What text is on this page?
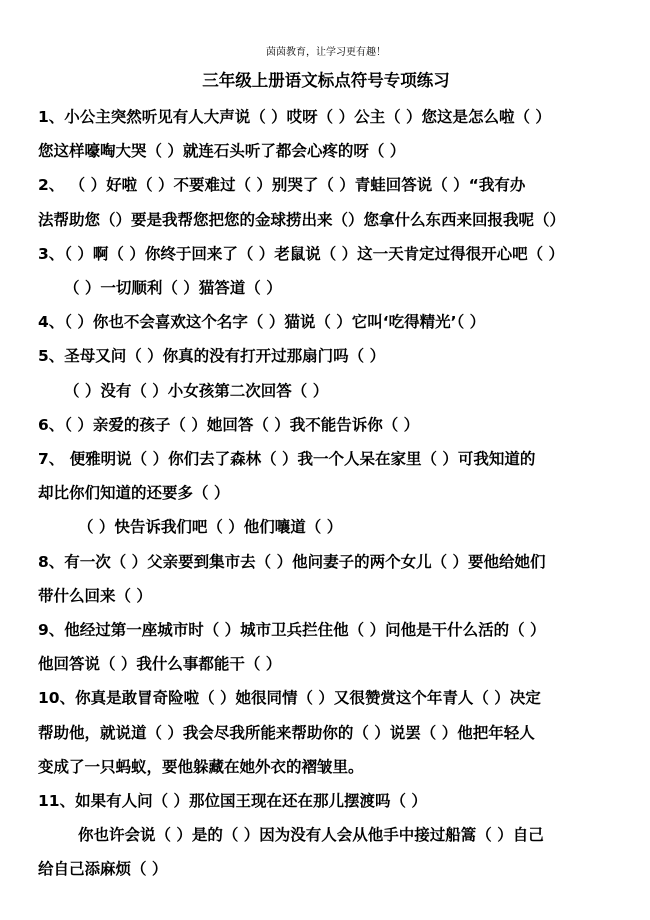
茵茵教育，让学习更有趣！
三年级上册语文标点符号专项练习
1、小公主突然听见有人大声说（ ）哎呀（ ）公主（ ）您这是怎么啦（ ）
您这样嚎啕大哭（ ）就连石头听了都会心疼的呀（ ）
2、 （ ）好啦（ ）不要难过（ ）别哭了（ ）青蛙回答说（ ）“我有办
法帮助您（）要是我帮您把您的金球捞出来（）您拿什么东西来回报我呢（）
3、（ ）啊（ ）你终于回来了（ ）老鼠说（ ）这一天肯定过得很开心吧（ ）
（ ）一切顺利（ ）猫答道（ ）
4、（ ）你也不会喜欢这个名字（ ）猫说（ ）它叫‘吃得精光’（ ）
5、圣母又问（ ）你真的没有打开过那扇门吗（ ）
（ ）没有（ ）小女孩第二次回答（ ）
6、（ ）亲爱的孩子（ ）她回答（ ）我不能告诉你（ ）
7、 便雅明说（ ）你们去了森林（ ）我一个人呆在家里（ ）可我知道的
却比你们知道的还要多（ ）
（ ）快告诉我们吧（ ）他们嚷道（ ）
8、有一次（ ）父亲要到集市去（ ）他问妻子的两个女儿（ ）要他给她们
带什么回来（ ）
9、他经过第一座城市时（ ）城市卫兵拦住他（ ）问他是干什么活的（ ）
他回答说（ ）我什么事都能干（ ）
10、你真是敢冒奇险啦（ ）她很同情（ ）又很赞赏这个年青人（ ）决定
帮助他，就说道（ ）我会尽我所能来帮助你的（ ）说罢（ ）他把年轻人
变成了一只蚂蚁，要他躲藏在她外衣的褶皱里。
11、如果有人问（ ）那位国王现在还在那儿摆渡吗（ ）
你也许会说（ ）是的（ ）因为没有人会从他手中接过船篙（ ）自己
给自己添麻烦（ ）
